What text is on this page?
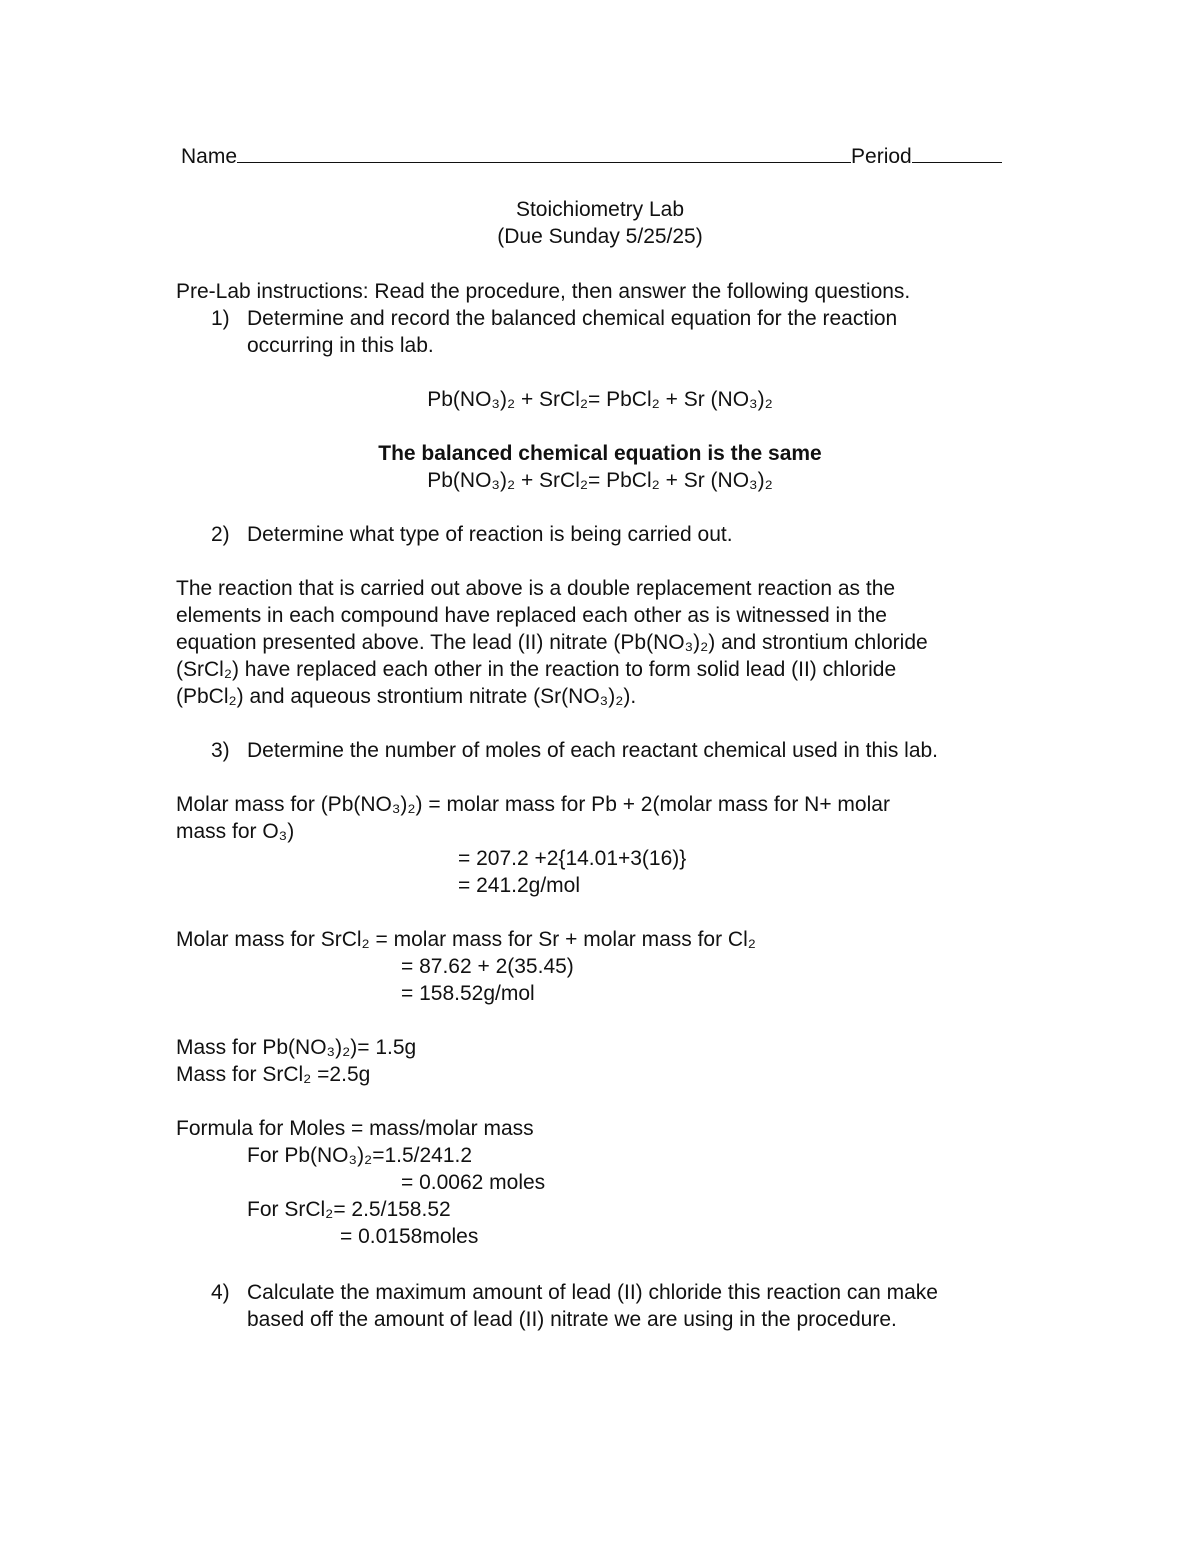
Name	Period

Stoichiometry Lab

(Due Sunday 5/25/25)

Pre-Lab instructions: Read the procedure, then answer the following questions.

1) Determine and record the balanced chemical equation for the reaction

occurring in this lab.

Pb(NO₃)₂ + SrCl₂= PbCl₂ + Sr (NO₃)₂

The balanced chemical equation is the same

Pb(NO₃)₂ + SrCl₂= PbCl₂ + Sr (NO₃)₂

2) Determine what type of reaction is being carried out.

The reaction that is carried out above is a double replacement reaction as the

elements in each compound have replaced each other as is witnessed in the

equation presented above. The lead (II) nitrate (Pb(NO₃)₂) and strontium chloride

(SrCl₂) have replaced each other in the reaction to form solid lead (II) chloride

(PbCl₂) and aqueous strontium nitrate (Sr(NO₃)₂).

3) Determine the number of moles of each reactant chemical used in this lab.

Molar mass for (Pb(NO₃)₂) = molar mass for Pb + 2(molar mass for N+ molar

mass for O₃)

= 207.2 +2{14.01+3(16)}

= 241.2g/mol

Molar mass for SrCl₂ = molar mass for Sr + molar mass for Cl₂

= 87.62 + 2(35.45)

= 158.52g/mol

Mass for Pb(NO₃)₂)= 1.5g

Mass for SrCl₂ =2.5g

Formula for Moles = mass/molar mass

For Pb(NO₃)₂=1.5/241.2

= 0.0062 moles

For SrCl₂= 2.5/158.52

= 0.0158moles

4) Calculate the maximum amount of lead (II) chloride this reaction can make

based off the amount of lead (II) nitrate we are using in the procedure.
